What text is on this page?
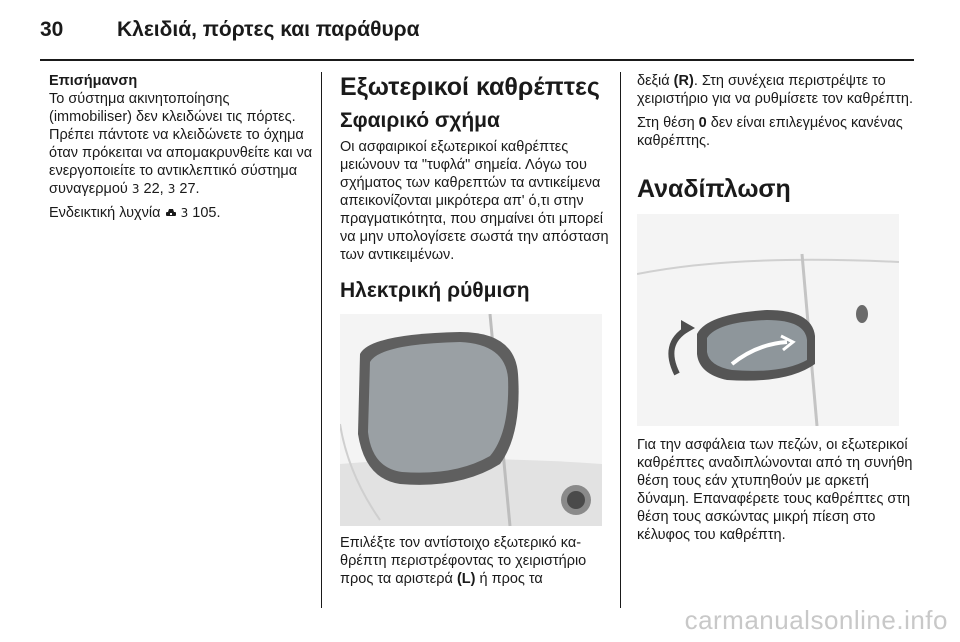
30	Κλειδιά, πόρτες και παράθυρα

Επισήμανση
Το σύστημα ακινητοποίησης (immobiliser) δεν κλειδώνει τις πόρτες. Πρέπει πάντοτε να κλειδώνετε το όχημα όταν πρόκειται να απομακρυνθείτε και να ενεργοποιείτε το αντικλεπτικό σύστημα συναγερμού 3 22, 3 27.

Ενδεικτική λυχνία 3 105.

Εξωτερικοί καθρέπτες
Σφαιρικό σχήμα

Οι ασφαιρικοί εξωτερικοί καθρέπτες μειώνουν τα "τυφλά" σημεία. Λόγω του σχήματος των καθρεπτών τα αντικείμενα απεικονίζονται μικρότερα απ' ό,τι στην πραγματικότητα, που σημαίνει ότι μπορεί να μην υπολογίσετε σωστά την απόσταση των αντικειμένων.

Ηλεκτρική ρύθμιση

Επιλέξτε τον αντίστοιχο εξωτερικό καθρέπτη περιστρέφοντας το χειριστήριο προς τα αριστερά (L) ή προς τα

δεξιά (R). Στη συνέχεια περιστρέψτε το χειριστήριο για να ρυθμίσετε τον καθρέπτη.

Στη θέση 0 δεν είναι επιλεγμένος κανένας καθρέπτης.

Αναδίπλωση

Για την ασφάλεια των πεζών, οι εξωτερικοί καθρέπτες αναδιπλώνονται από τη συνήθη θέση τους εάν χτυπηθούν με αρκετή δύναμη. Επαναφέρετε τους καθρέπτες στη θέση τους ασκώντας μικρή πίεση στο κέλυφος του καθρέπτη.

carmanualsonline.info
